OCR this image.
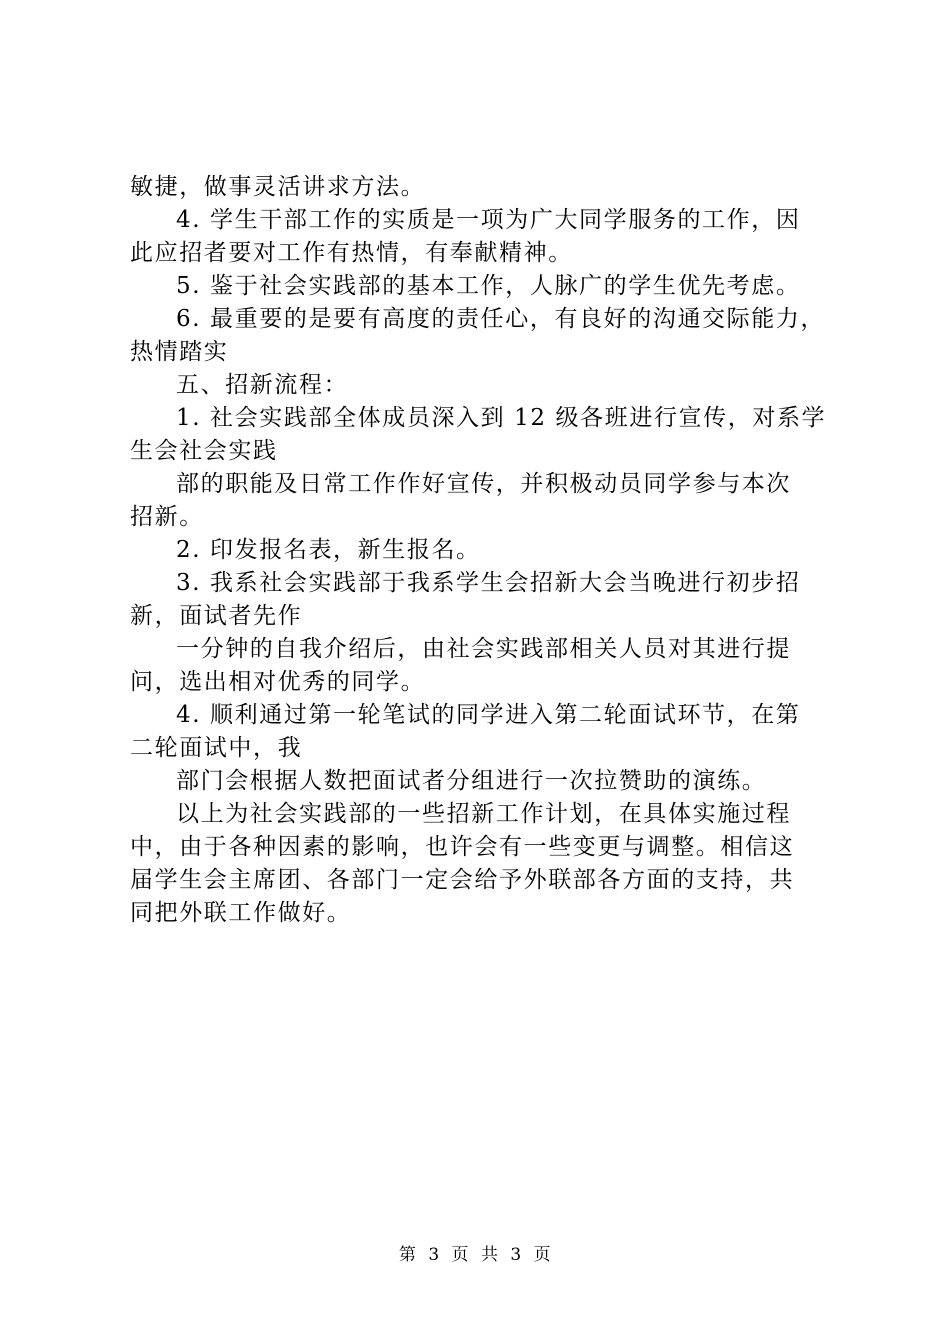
敏捷，做事灵活讲求方法。
4. 学生干部工作的实质是一项为广大同学服务的工作，因
此应招者要对工作有热情，有奉献精神。
5. 鉴于社会实践部的基本工作，人脉广的学生优先考虑。
6. 最重要的是要有高度的责任心，有良好的沟通交际能力，
热情踏实
五、招新流程：
1. 社会实践部全体成员深入到 12 级各班进行宣传，对系学
生会社会实践
部的职能及日常工作作好宣传，并积极动员同学参与本次
招新。
2. 印发报名表，新生报名。
3. 我系社会实践部于我系学生会招新大会当晚进行初步招
新，面试者先作
一分钟的自我介绍后，由社会实践部相关人员对其进行提
问，选出相对优秀的同学。
4. 顺利通过第一轮笔试的同学进入第二轮面试环节，在第
二轮面试中，我
部门会根据人数把面试者分组进行一次拉赞助的演练。
以上为社会实践部的一些招新工作计划，在具体实施过程
中，由于各种因素的影响，也许会有一些变更与调整。相信这
届学生会主席团、各部门一定会给予外联部各方面的支持，共
同把外联工作做好。
第 3 页 共 3 页
